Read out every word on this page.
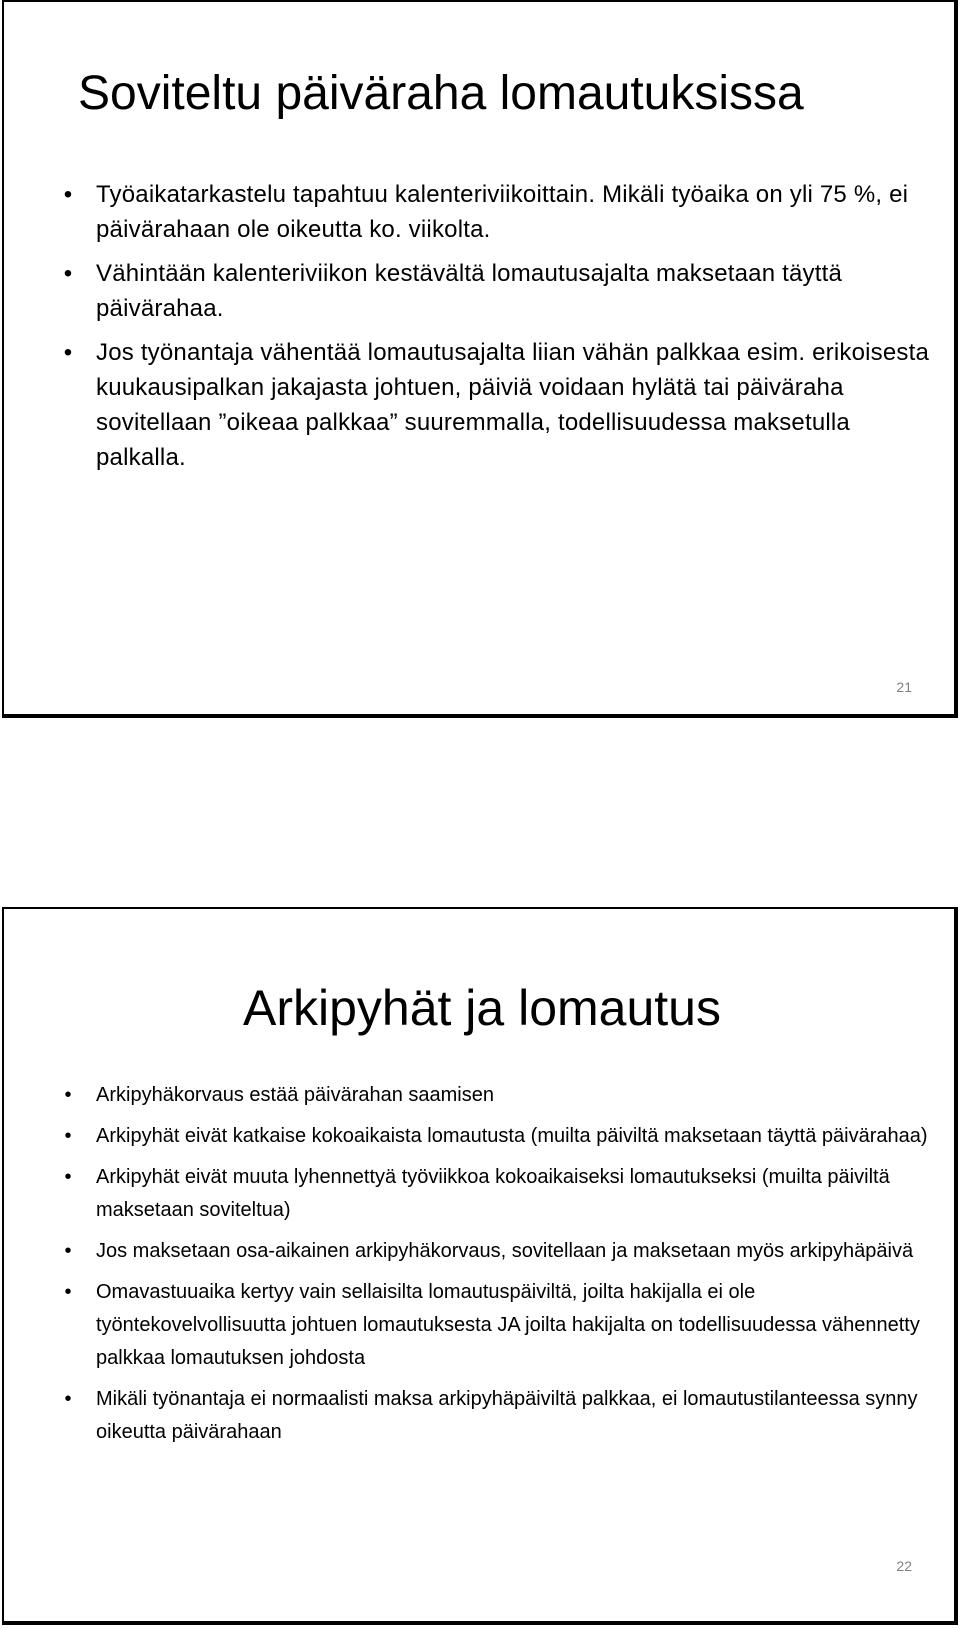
Soviteltu päiväraha lomautuksissa
• Työaikatarkastelu tapahtuu kalenteriviikoittain. Mikäli työaika on yli 75 %, ei päivärahaan ole oikeutta ko. viikolta.
• Vähintään kalenteriviikon kestävältä lomautusajalta maksetaan täyttä päivärahaa.
• Jos työnantaja vähentää lomautusajalta liian vähän palkkaa esim. erikoisesta kuukausipalkan jakajasta johtuen, päiviä voidaan hylätä tai päiväraha sovitellaan ”oikeaa palkkaa” suuremmalla, todellisuudessa maksetulla palkalla.
21
Arkipyhät ja lomautus
•	Arkipyhäkorvaus estää päivärahan saamisen
•	Arkipyhät eivät katkaise kokoaikaista lomautusta (muilta päiviltä maksetaan täyttä päivärahaa)
•	Arkipyhät eivät muuta lyhennettyä työviikkoa kokoaikaiseksi lomautukseksi (muilta päiviltä maksetaan soviteltua)
•	Jos maksetaan osa-aikainen arkipyhäkorvaus, sovitellaan ja maksetaan myös arkipyhäpäivä
•	Omavastuuaika kertyy vain sellaisilta lomautuspäiviltä, joilta hakijalla ei ole työntekovelvollisuutta johtuen lomautuksesta JA joilta hakijalta on todellisuudessa vähennetty palkkaa lomautuksen johdosta
•	Mikäli työnantaja ei normaalisti maksa arkipyhäpäiviltä palkkaa, ei lomautustilanteessa synny oikeutta päivärahaan
22
